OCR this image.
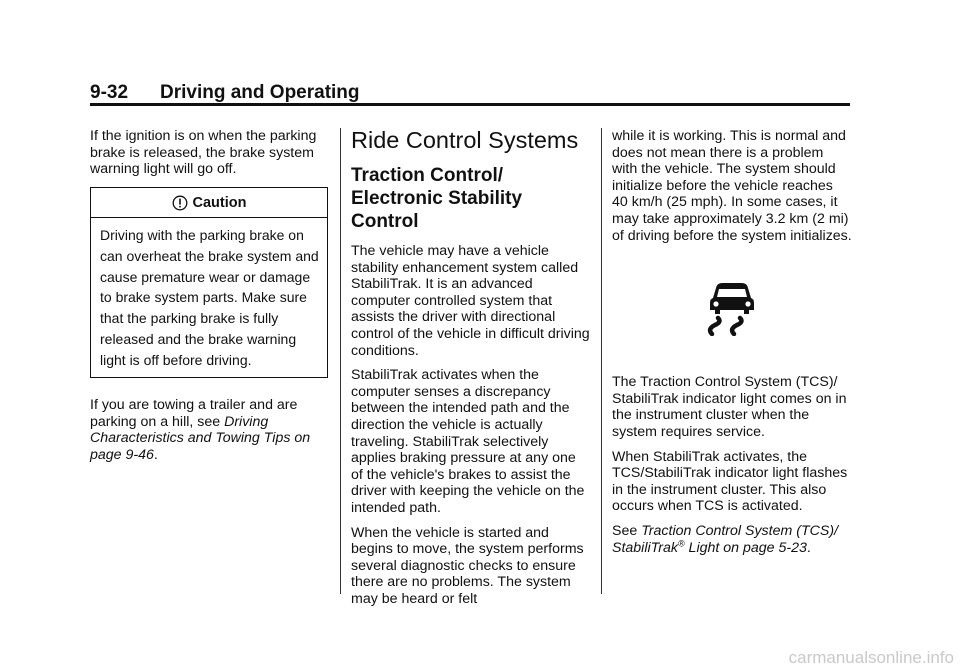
9-32 Driving and Operating

If the ignition is on when the parking brake is released, the brake system warning light will go off.

Caution
Driving with the parking brake on can overheat the brake system and cause premature wear or damage to brake system parts. Make sure that the parking brake is fully released and the brake warning light is off before driving.

If you are towing a trailer and are parking on a hill, see Driving Characteristics and Towing Tips on page 9-46.

Ride Control Systems
Traction Control/ Electronic Stability Control

The vehicle may have a vehicle stability enhancement system called StabiliTrak. It is an advanced computer controlled system that assists the driver with directional control of the vehicle in difficult driving conditions.

StabiliTrak activates when the computer senses a discrepancy between the intended path and the direction the vehicle is actually traveling. StabiliTrak selectively applies braking pressure at any one of the vehicle's brakes to assist the driver with keeping the vehicle on the intended path.

When the vehicle is started and begins to move, the system performs several diagnostic checks to ensure there are no problems. The system may be heard or felt

while it is working. This is normal and does not mean there is a problem with the vehicle. The system should initialize before the vehicle reaches 40 km/h (25 mph). In some cases, it may take approximately 3.2 km (2 mi) of driving before the system initializes.

The Traction Control System (TCS)/ StabiliTrak indicator light comes on in the instrument cluster when the system requires service.

When StabiliTrak activates, the TCS/StabiliTrak indicator light flashes in the instrument cluster. This also occurs when TCS is activated.

See Traction Control System (TCS)/ StabiliTrak® Light on page 5-23.

carmanualsonline.info
